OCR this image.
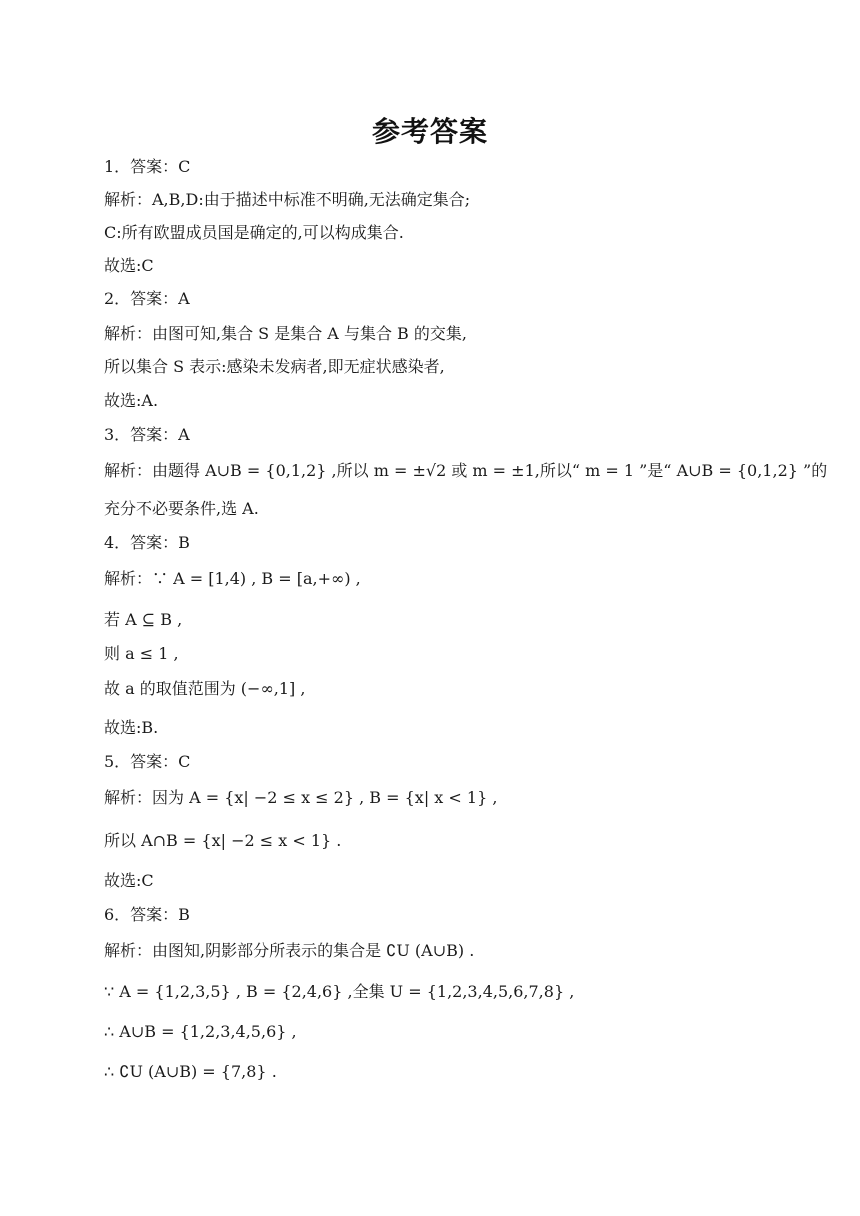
参考答案
1．答案：C
解析：A,B,D:由于描述中标准不明确,无法确定集合;
C:所有欧盟成员国是确定的,可以构成集合.
故选:C
2．答案：A
解析：由图可知,集合 S 是集合 A 与集合 B 的交集,
所以集合 S 表示:感染未发病者,即无症状感染者,
故选:A.
3．答案：A
解析：由题得 A∪B = {0,1,2} ,所以 m = ±√2 或 m = ±1,所以“ m = 1 ”是“ A∪B = {0,1,2} ”的
充分不必要条件,选 A.
4．答案：B
解析：∵ A = [1,4) , B = [a,+∞) ,
若 A ⊆ B ,
则 a ≤ 1 ,
故 a 的取值范围为 (−∞,1] ,
故选:B.
5．答案：C
解析：因为 A = {x| −2 ≤ x ≤ 2} , B = {x| x < 1} ,
所以 A∩B = {x| −2 ≤ x < 1} .
故选:C
6．答案：B
解析：由图知,阴影部分所表示的集合是 ∁U (A∪B) .
∵ A = {1,2,3,5} , B = {2,4,6} ,全集 U = {1,2,3,4,5,6,7,8} ,
∴ A∪B = {1,2,3,4,5,6} ,
∴ ∁U (A∪B) = {7,8} .
